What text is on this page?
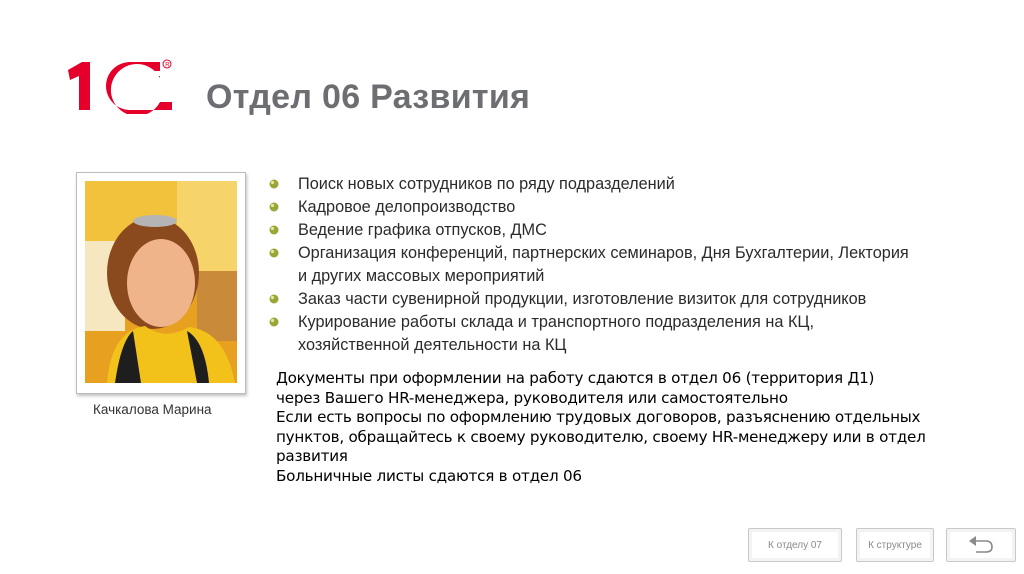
R
Отдел 06 Развития
Качкалова Марина
Поиск новых сотрудников по ряду подразделений
Кадровое делопроизводство
Ведение графика отпусков, ДМС
Организация конференций, партнерских семинаров, Дня Бухгалтерии, Лектория
и других массовых мероприятий
Заказ части сувенирной продукции, изготовление визиток для сотрудников
Курирование работы склада и транспортного подразделения на КЦ,
хозяйственной деятельности на КЦ
Документы при оформлении на работу сдаются в отдел 06 (территория Д1)
через Вашего HR-менеджера, руководителя или самостоятельно
Если есть вопросы по оформлению трудовых договоров, разъяснению отдельных
пунктов, обращайтесь к своему руководителю, своему HR-менеджеру или в отдел
развития
Больничные листы сдаются в отдел 06
К отделу 07	К структуре
